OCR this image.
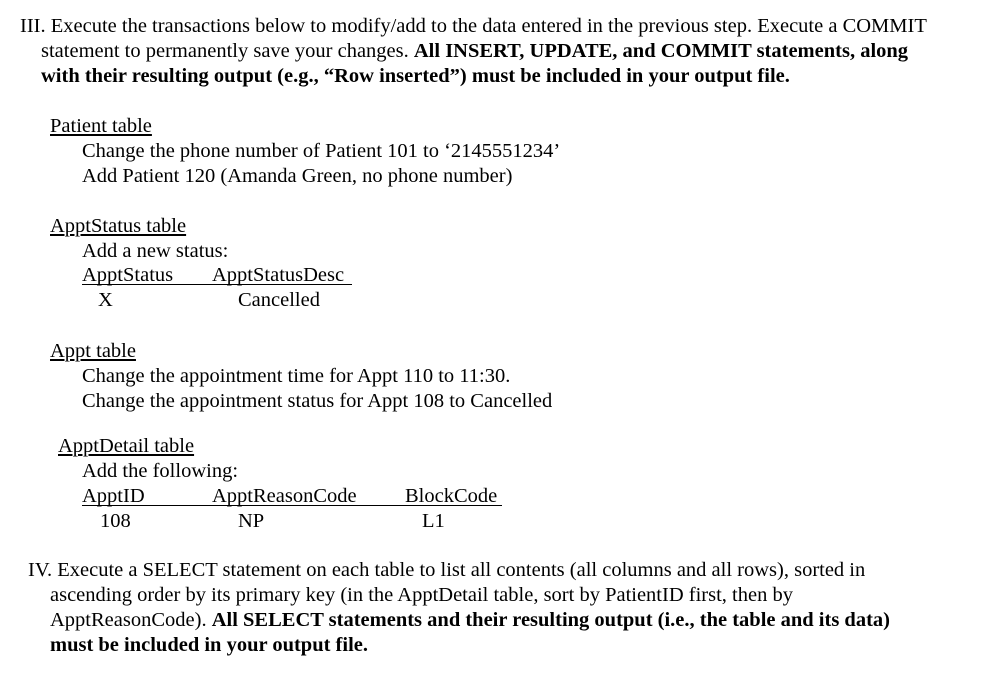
III. Execute the transactions below to modify/add to the data entered in the previous step. Execute a COMMIT
statement to permanently save your changes. All INSERT, UPDATE, and COMMIT statements, along
with their resulting output (e.g., “Row inserted”) must be included in your output file.
Patient table
Change the phone number of Patient 101 to ‘2145551234’
Add Patient 120 (Amanda Green, no phone number)
ApptStatus table
Add a new status:
ApptStatus ApptStatusDesc
X	Cancelled
Appt table
Change the appointment time for Appt 110 to 11:30.
Change the appointment status for Appt 108 to Cancelled
ApptDetail table
Add the following:
ApptID	ApptReasonCode BlockCode
108	NP	L1
IV. Execute a SELECT statement on each table to list all contents (all columns and all rows), sorted in
ascending order by its primary key (in the ApptDetail table, sort by PatientID first, then by
ApptReasonCode). All SELECT statements and their resulting output (i.e., the table and its data)
must be included in your output file.
